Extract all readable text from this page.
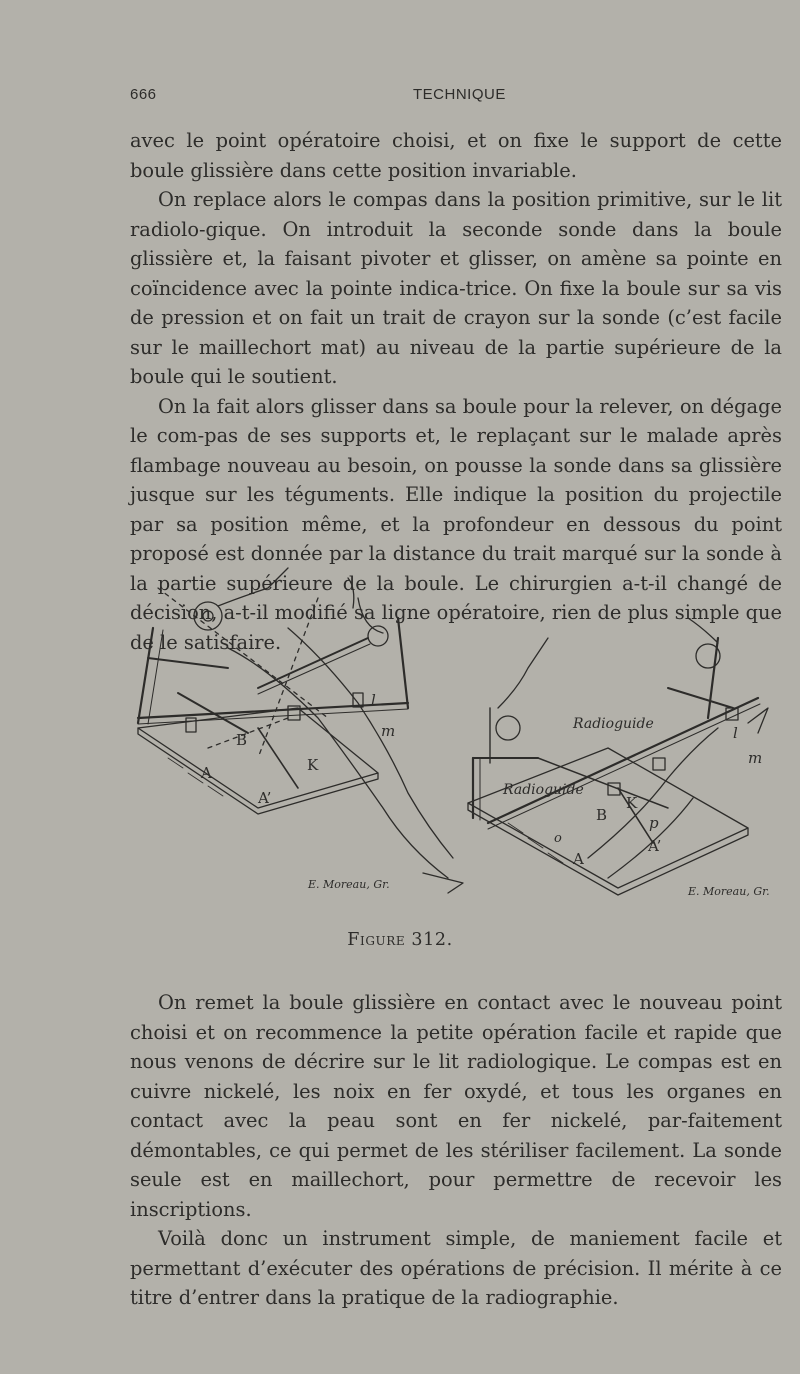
666	TECHNIQUE

avec le point opératoire choisi, et on fixe le support de cette boule glissière dans cette position invariable.

On replace alors le compas dans la position primitive, sur le lit radiolo-gique. On introduit la seconde sonde dans la boule glissière et, la faisant pivoter et glisser, on amène sa pointe en coïncidence avec la pointe indica-trice. On fixe la boule sur sa vis de pression et on fait un trait de crayon sur la sonde (c’est facile sur le maillechort mat) au niveau de la partie supérieure de la boule qui le soutient.

On la fait alors glisser dans sa boule pour la relever, on dégage le com-pas de ses supports et, le replaçant sur le malade après flambage nouveau au besoin, on pousse la sonde dans sa glissière jusque sur les téguments. Elle indique la position du projectile par sa position même, et la profondeur en dessous du point proposé est donnée par la distance du trait marqué sur la sonde à la partie supérieure de la boule. Le chirurgien a-t-il changé de décision, a-t-il modifié sa ligne opératoire, rien de plus simple que de le satisfaire.

B
A
A’
K
l
m
E. Moreau, Gr.
Radioguide
Radioguide
l
m
K
B	p
o
A
A’
E. Moreau, Gr.
Figure 312.

On remet la boule glissière en contact avec le nouveau point choisi et on recommence la petite opération facile et rapide que nous venons de décrire sur le lit radiologique. Le compas est en cuivre nickelé, les noix en fer oxydé, et tous les organes en contact avec la peau sont en fer nickelé, par-faitement démontables, ce qui permet de les stériliser facilement. La sonde seule est en maillechort, pour permettre de recevoir les inscriptions.

Voilà donc un instrument simple, de maniement facile et permettant d’exécuter des opérations de précision. Il mérite à ce titre d’entrer dans la pratique de la radiographie.
